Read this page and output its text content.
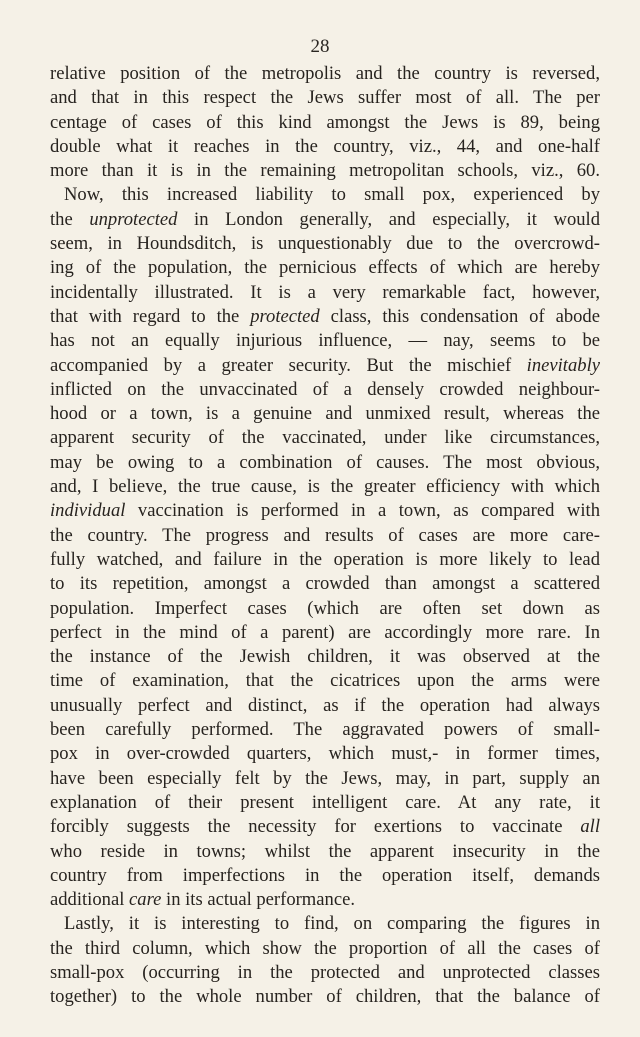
28
relative position of the metropolis and the country is reversed,
and that in this respect the Jews suffer most of all. The per
centage of cases of this kind amongst the Jews is 89, being
double what it reaches in the country, viz., 44, and one-half
more than it is in the remaining metropolitan schools, viz., 60.
Now, this increased liability to small pox, experienced by
the unprotected in London generally, and especially, it would
seem, in Houndsditch, is unquestionably due to the overcrowd-
ing of the population, the pernicious effects of which are hereby
incidentally illustrated. It is a very remarkable fact, however,
that with regard to the protected class, this condensation of abode
has not an equally injurious influence, — nay, seems to be
accompanied by a greater security. But the mischief inevitably
inflicted on the unvaccinated of a densely crowded neighbour-
hood or a town, is a genuine and unmixed result, whereas the
apparent security of the vaccinated, under like circumstances,
may be owing to a combination of causes. The most obvious,
and, I believe, the true cause, is the greater efficiency with which
individual vaccination is performed in a town, as compared with
the country. The progress and results of cases are more care-
fully watched, and failure in the operation is more likely to lead
to its repetition, amongst a crowded than amongst a scattered
population. Imperfect cases (which are often set down as
perfect in the mind of a parent) are accordingly more rare. In
the instance of the Jewish children, it was observed at the
time of examination, that the cicatrices upon the arms were
unusually perfect and distinct, as if the operation had always
been carefully performed. The aggravated powers of small-
pox in over-crowded quarters, which must,- in former times,
have been especially felt by the Jews, may, in part, supply an
explanation of their present intelligent care. At any rate, it
forcibly suggests the necessity for exertions to vaccinate all
who reside in towns; whilst the apparent insecurity in the
country from imperfections in the operation itself, demands
additional care in its actual performance.
Lastly, it is interesting to find, on comparing the figures in
the third column, which show the proportion of all the cases of
small-pox (occurring in the protected and unprotected classes
together) to the whole number of children, that the balance of
